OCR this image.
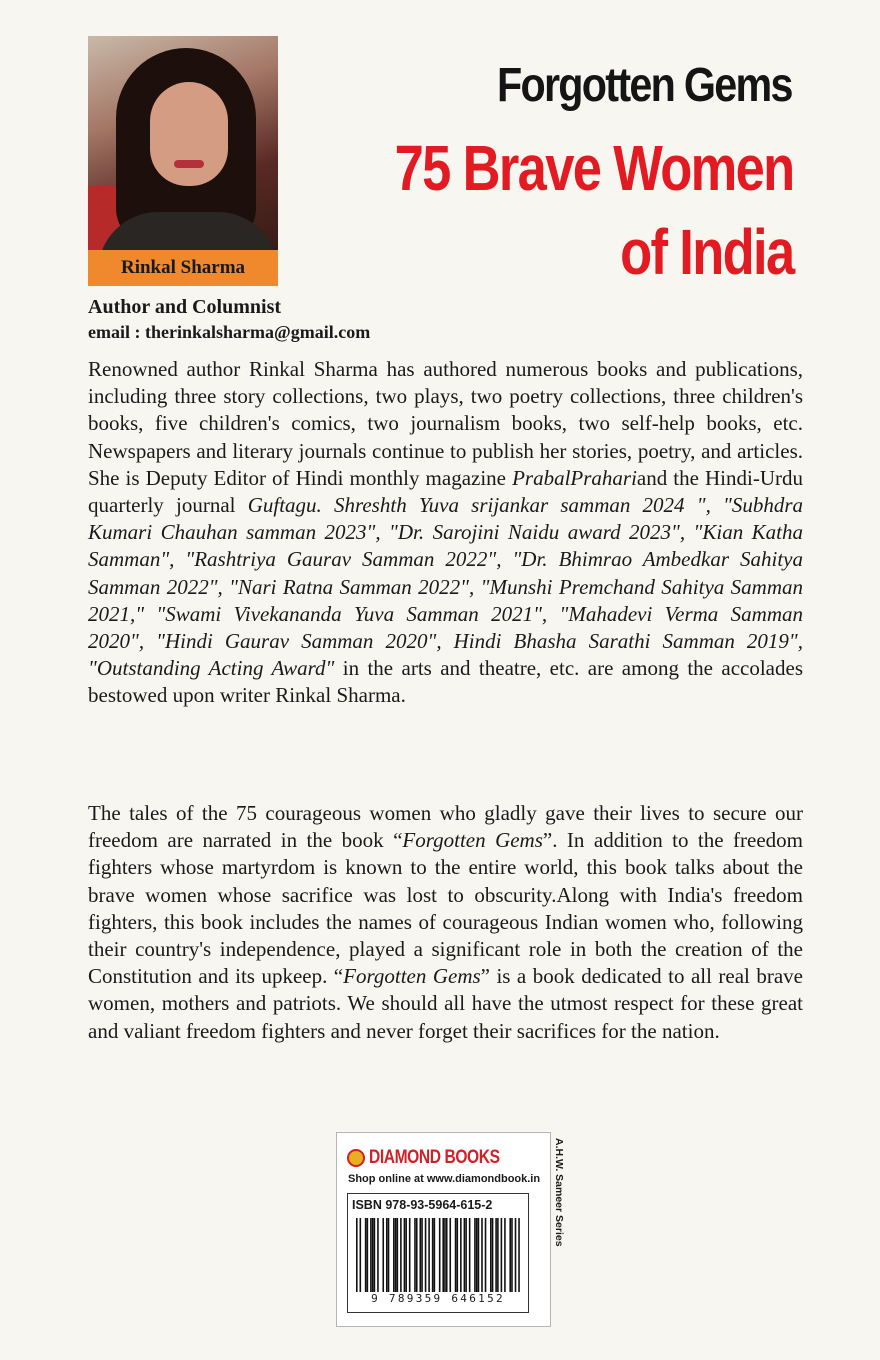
Rinkal Sharma
Forgotten Gems
75 Brave Women
of India
Author and Columnist
email : therinkalsharma@gmail.com

Renowned author Rinkal Sharma has authored numerous books and publications, including three story collections, two plays, two poetry collections, three children's books, five children's comics, two journalism books, two self-help books, etc. Newspapers and literary journals continue to publish her stories, poetry, and articles. She is Deputy Editor of Hindi monthly magazine PrabalPrahariand the Hindi-Urdu quarterly journal Guftagu. Shreshth Yuva srijankar samman 2024 ", "Subhdra Kumari Chauhan samman 2023", "Dr. Sarojini Naidu award 2023", "Kian Katha Samman", "Rashtriya Gaurav Samman 2022", "Dr. Bhimrao Ambedkar Sahitya Samman 2022", "Nari Ratna Samman 2022", "Munshi Premchand Sahitya Samman 2021," "Swami Vivekananda Yuva Samman 2021", "Mahadevi Verma Samman 2020", "Hindi Gaurav Samman 2020", Hindi Bhasha Sarathi Samman 2019", "Outstanding Acting Award" in the arts and theatre, etc. are among the accolades bestowed upon writer Rinkal Sharma.

The tales of the 75 courageous women who gladly gave their lives to secure our freedom are narrated in the book “Forgotten Gems”. In addition to the freedom fighters whose martyrdom is known to the entire world, this book talks about the brave women whose sacrifice was lost to obscurity.Along with India's freedom fighters, this book includes the names of courageous Indian women who, following their country's independence, played a significant role in both the creation of the Constitution and its upkeep. “Forgotten Gems” is a book dedicated to all real brave women, mothers and patriots. We should all have the utmost respect for these great and valiant freedom fighters and never forget their sacrifices for the nation.

DIAMOND BOOKS
Shop online at www.diamondbook.in
ISBN 978-93-5964-615-2
9 789359 646152
A.H.W. Sameer Series
